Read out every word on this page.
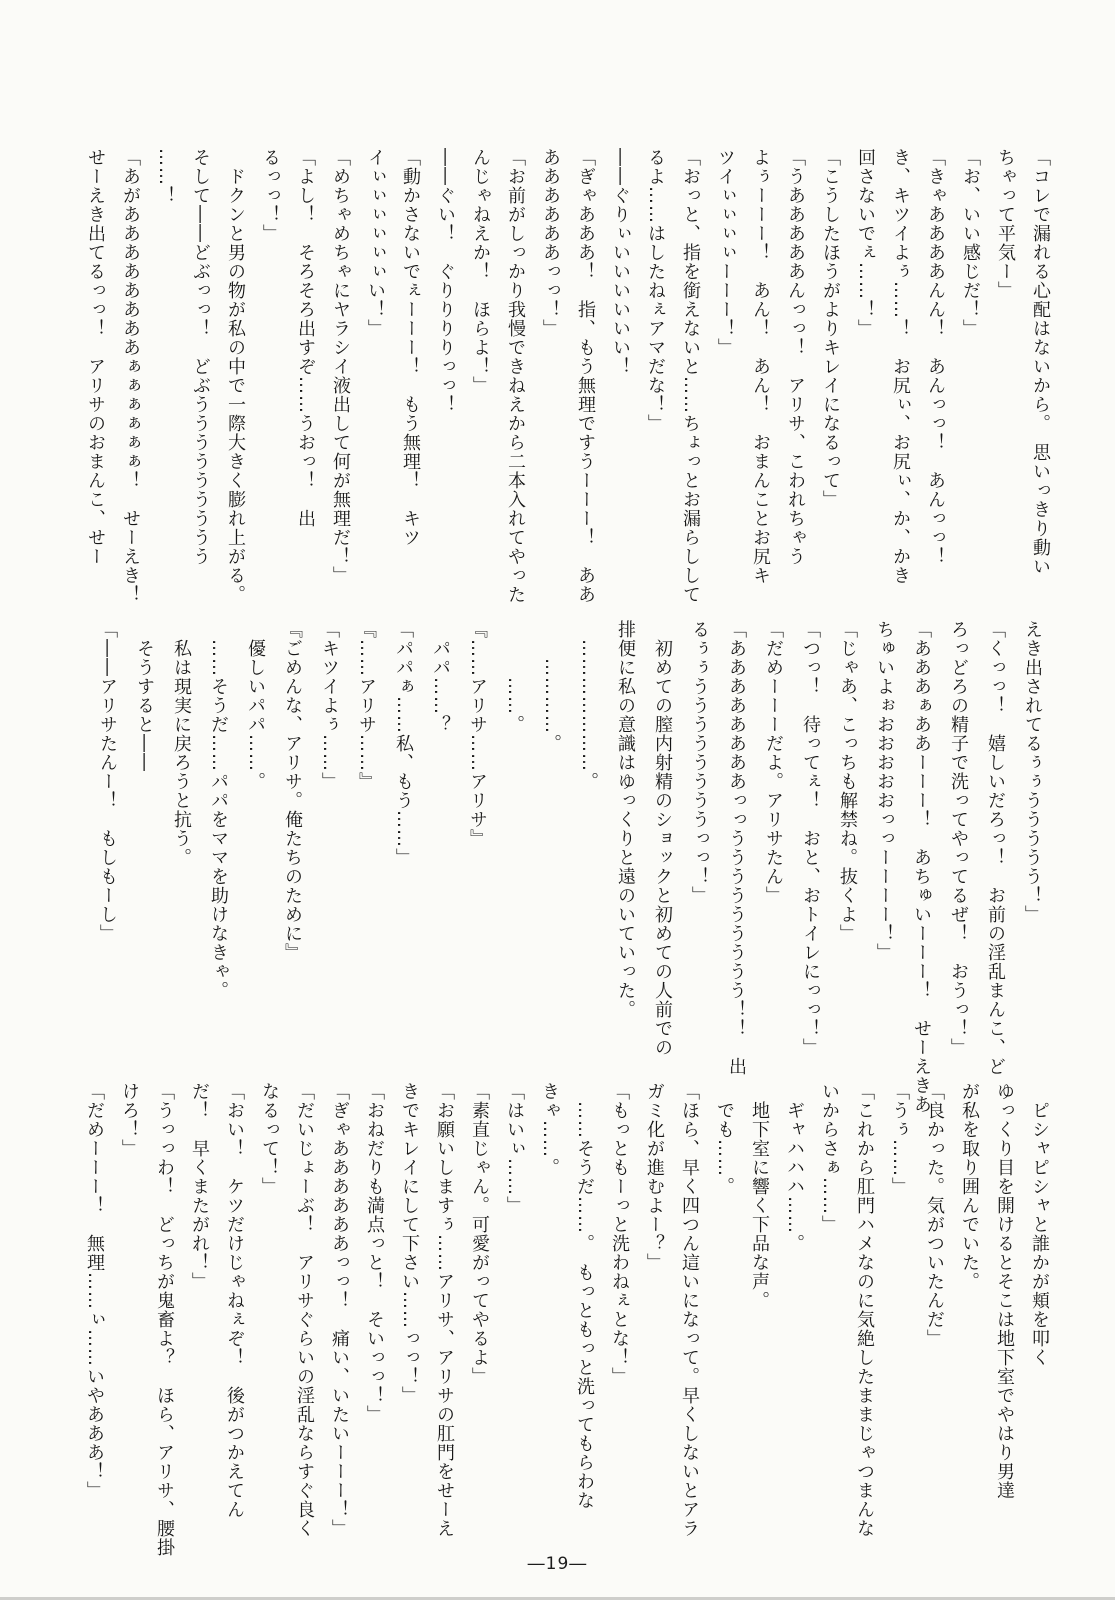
「コレで漏れる心配はないから。　思いっきり動い
ちゃって平気ー」
「お、いい感じだ！」
「きゃああああんん！　あんっっ！　あんっっ！
き、キツイよぅ……！　お尻ぃ、お尻ぃ、か、かき
回さないでぇ……！」
「こうしたほうがよりキレイになるって」
「うあああああんっっ！　アリサ、こわれちゃう
よぅーーー！　あん！　あん！　おまんことお尻キ
ツイぃぃぃぃーーー！」
「おっと、指を銜えないと……ちょっとお漏らしして
るよ……はしたねぇアマだな！」
――ぐりぃいいいいいい！
「ぎゃあああ！　指、もう無理ですうーーー！　ああ
ああああああっっ！」
「お前がしっかり我慢できねえから二本入れてやった
んじゃねえか！　ほらよ！」
――ぐい！　ぐりりりりっっ！
「動かさないでぇーーー！　もう無理！　キツ
イぃぃぃぃぃぃい！」
「めちゃめちゃにヤラシイ液出して何が無理だ！」
「よし！　そろそろ出すぞ……うおっ！　出
るっっ！」
　ドクンと男の物が私の中で一際大きく膨れ上がる。
そして――どぶっっ！　どぶううううううううう
……！
「あがああああああああぁぁぁぁぁぁ！　せーえき！
せーえき出てるっっ！　アリサのおまんこ、せー
えき出されてるぅぅううううう！」
「くっっ！　嬉しいだろっ！　お前の淫乱まんこ、ど
ろっどろの精子で洗ってやってるぜ！　おうっ！」
「あああぁああーーー！　あちゅいーーー！　せーえきあ
ちゅいよぉおおおおおっっーーーー！」
「じゃあ、こっちも解禁ね。抜くよ」
「つっ！　待ってぇ！　おと、おトイレにっっ！」
「だめーーーだよ。アリサたん」
「ああああああああっっううううううううう！！　出
るぅぅううううううううっっ！」
　初めての膣内射精のショックと初めての人前での
排便に私の意識はゆっくりと遠のいていった。
　…………………。
　　…………。
　　　……。
『……アリサ……アリサ』
　パパ……？
「パパぁ……私、もう……」
『……アリサ……』
「キツイよぅ……」
『ごめんな、アリサ。俺たちのために』
　優しいパパ……。
　……そうだ……パパをママを助けなきゃ。
　私は現実に戻ろうと抗う。
　そうすると――
「――アリサたんー！　もしもーし」
　ピシャピシャと誰かが頬を叩く
ゆっくり目を開けるとそこは地下室でやはり男達
が私を取り囲んでいた。
「良かった。気がついたんだ」
「うぅ……」
「これから肛門ハメなのに気絶したままじゃつまんな
いからさぁ……」
　ギャハハハ……。
　地下室に響く下品な声。
　でも……。
「ほら、早く四つん這いになって。早くしないとアラ
ガミ化が進むよー？」
「もっともーっと洗わねぇとな！」
　……そうだ……。　もっともっと洗ってもらわな
きゃ……。
「はいぃ……」
「素直じゃん。可愛がってやるよ」
「お願いしますぅ……アリサ、アリサの肛門をせーえ
きでキレイにして下さい……っっ！」
「おねだりも満点っと！　そいっっ！」
「ぎゃああああああっっ！　痛い、いたいーーー！」
「だいじょーぶ！　アリサぐらいの淫乱ならすぐ良く
なるって！」
「おい！　ケツだけじゃねぇぞ！　後がつかえてん
だ！　早くまたがれ！」
「うっっわ！　どっちが鬼畜よ？　ほら、アリサ、腰掛
けろ！」
「だめーーー！　無理……ぃ……いやあああ！」
―19―
